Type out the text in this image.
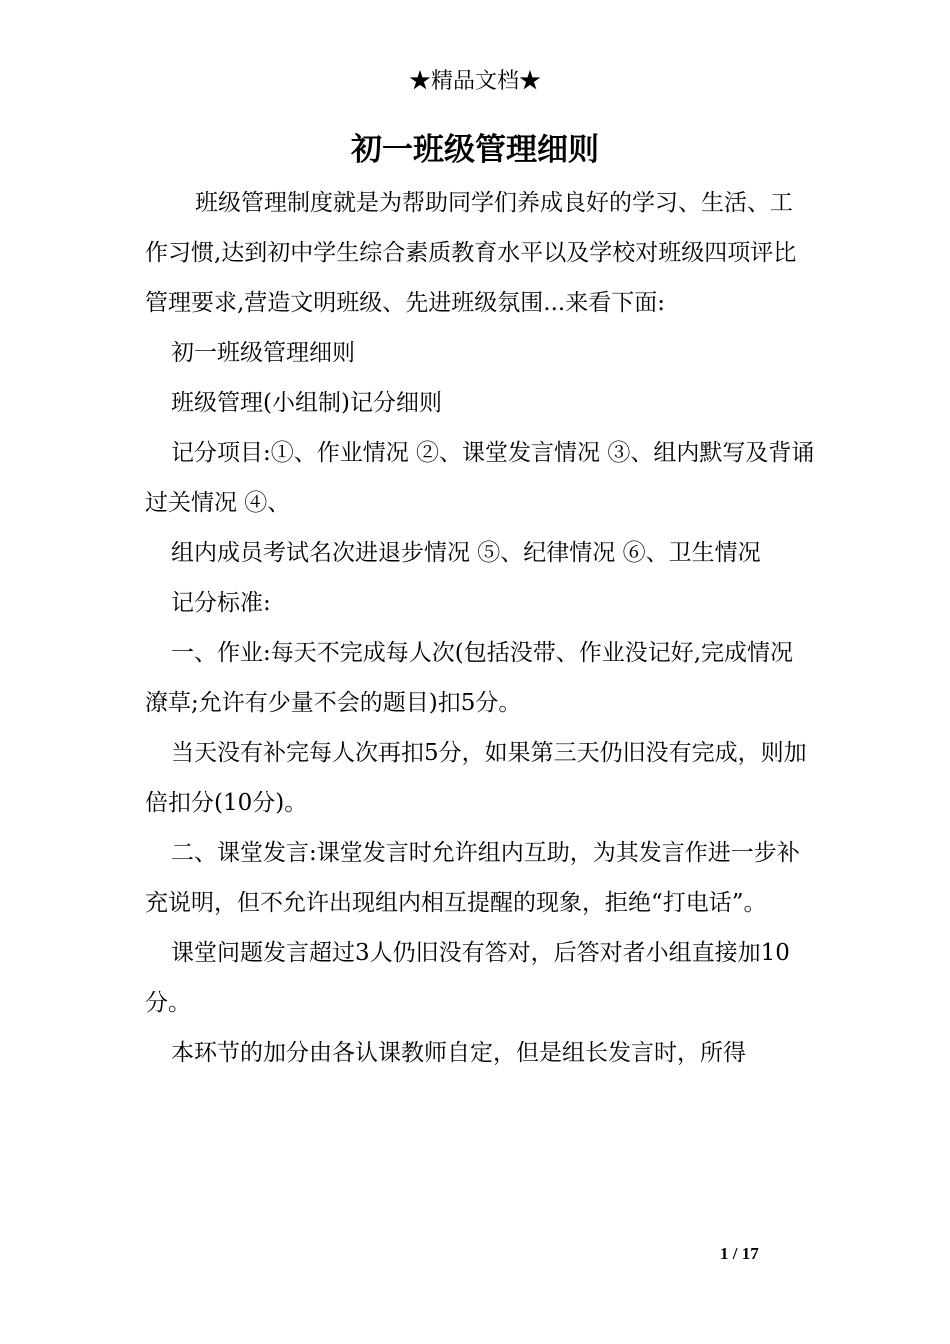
★精品文档★
初一班级管理细则

班级管理制度就是为帮助同学们养成良好的学习、生活、工作习惯,达到初中学生综合素质教育水平以及学校对班级四项评比管理要求,营造文明班级、先进班级氛围...来看下面:

初一班级管理细则

班级管理(小组制)记分细则

记分项目:①、作业情况 ②、课堂发言情况 ③、组内默写及背诵过关情况 ④、

组内成员考试名次进退步情况 ⑤、纪律情况 ⑥、卫生情况

记分标准:

一、作业:每天不完成每人次(包括没带、作业没记好,完成情况潦草;允许有少量不会的题目)扣5分。

当天没有补完每人次再扣5分，如果第三天仍旧没有完成，则加倍扣分(10分)。

二、课堂发言:课堂发言时允许组内互助，为其发言作进一步补充说明，但不允许出现组内相互提醒的现象，拒绝“打电话”。

课堂问题发言超过3人仍旧没有答对，后答对者小组直接加10分。

本环节的加分由各认课教师自定，但是组长发言时，所得

1 / 17
